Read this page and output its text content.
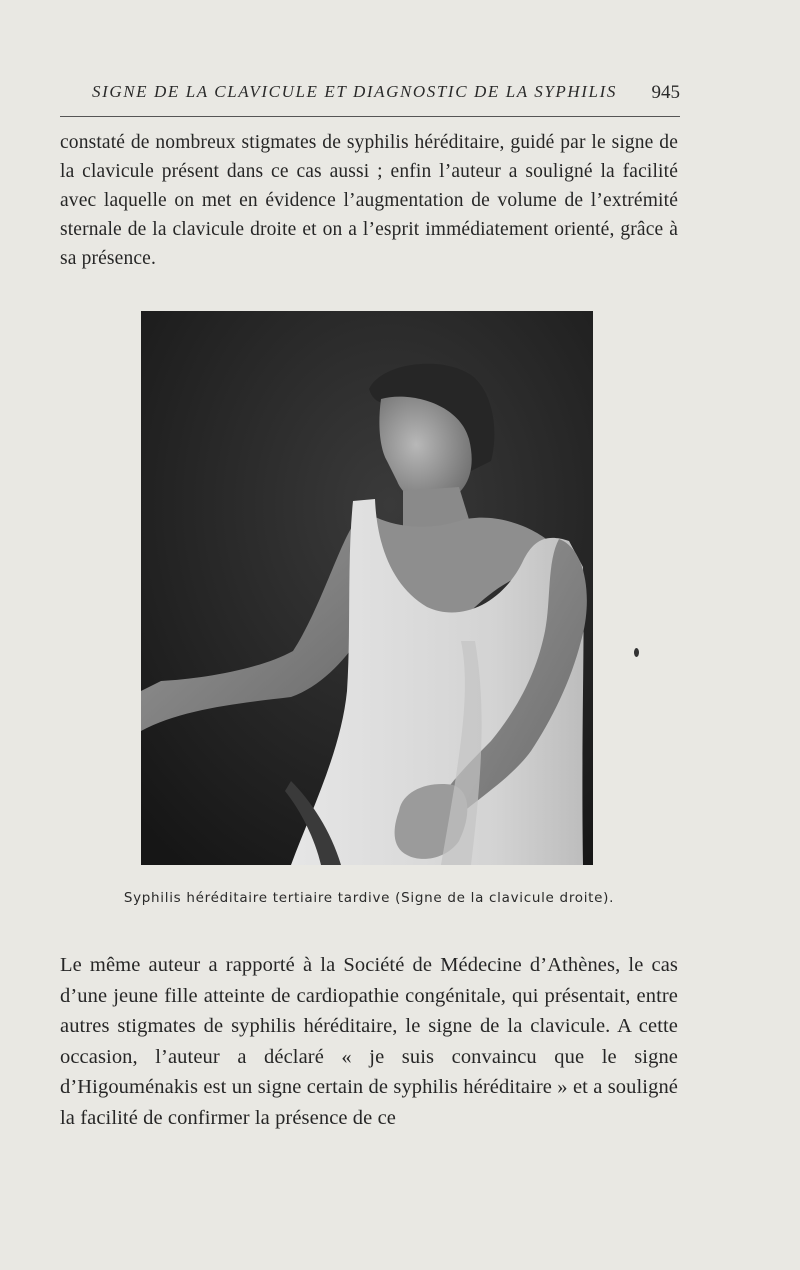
SIGNE DE LA CLAVICULE ET DIAGNOSTIC DE LA SYPHILIS 945

constaté de nombreux stigmates de syphilis héréditaire, guidé par le signe de la clavicule présent dans ce cas aussi ; enfin l’auteur a souligné la facilité avec laquelle on met en évidence l’augmentation de volume de l’extrémité sternale de la clavicule droite et on a l’esprit immédiatement orienté, grâce à sa présence.

Syphilis héréditaire tertiaire tardive (Signe de la clavicule droite).

Le même auteur a rapporté à la Société de Médecine d’Athènes, le cas d’une jeune fille atteinte de cardiopathie congénitale, qui présentait, entre autres stigmates de syphilis héréditaire, le signe de la clavicule. A cette occasion, l’auteur a déclaré « je suis convaincu que le signe d’Higouménakis est un signe certain de syphilis héréditaire » et a souligné la facilité de confirmer la présence de ce
